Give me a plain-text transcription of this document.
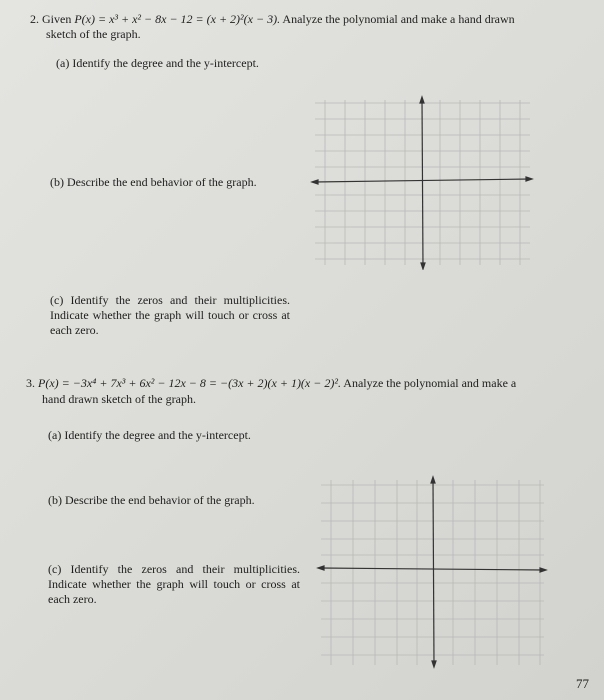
2. Given P(x) = x³ + x² − 8x − 12 = (x + 2)²(x − 3). Analyze the polynomial and make a hand drawn
sketch of the graph.
(a) Identify the degree and the y-intercept.
(b) Describe the end behavior of the graph.
(c) Identify the zeros and their multiplicities. Indicate whether the graph will touch or cross at each zero.
3. P(x) = −3x⁴ + 7x³ + 6x² − 12x − 8 = −(3x + 2)(x + 1)(x − 2)². Analyze the polynomial and make a
hand drawn sketch of the graph.
(a) Identify the degree and the y-intercept.
(b) Describe the end behavior of the graph.
(c) Identify the zeros and their multiplicities. Indicate whether the graph will touch or cross at each zero.
77
